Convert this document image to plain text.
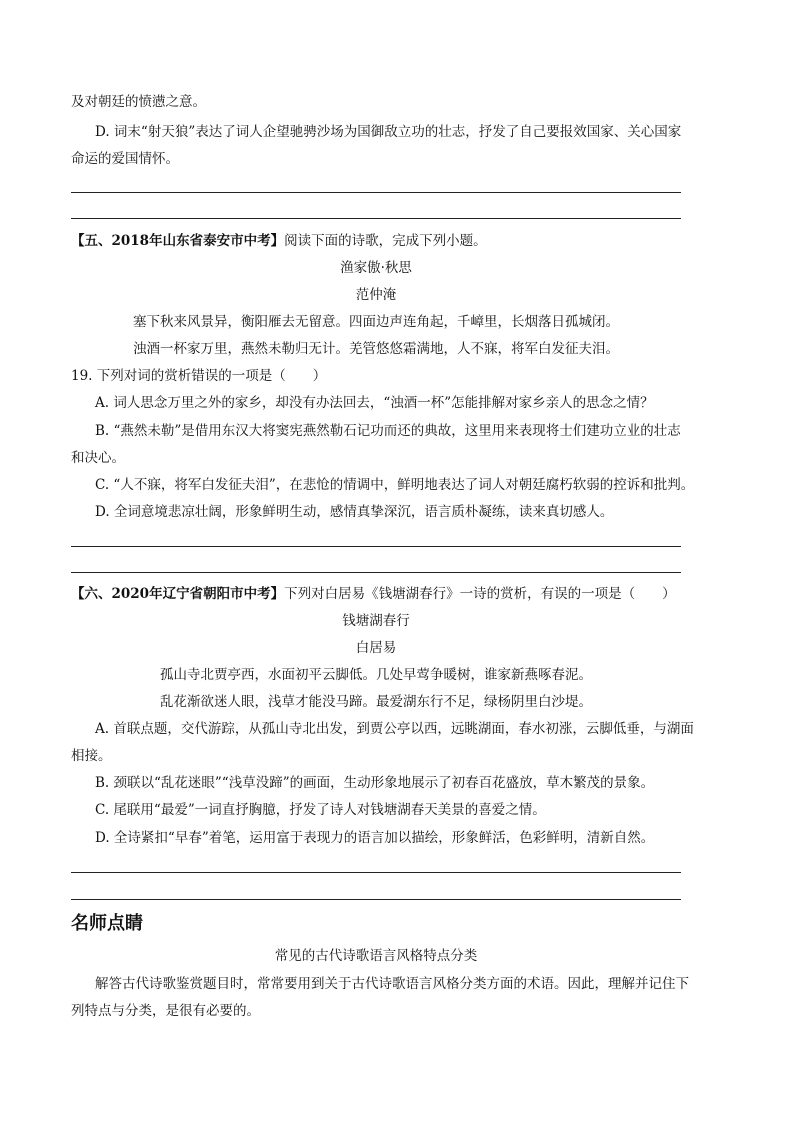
及对朝廷的愤懑之意。
D. 词末“射天狼”表达了词人企望驰骋沙场为国御敌立功的壮志，抒发了自己要报效国家、关心国家
命运的爱国情怀。
【五、2018年山东省泰安市中考】阅读下面的诗歌，完成下列小题。
渔家傲·秋思
范仲淹
塞下秋来风景异，衡阳雁去无留意。四面边声连角起，千嶂里，长烟落日孤城闭。
浊酒一杯家万里，燕然未勒归无计。羌管悠悠霜满地，人不寐，将军白发征夫泪。
19. 下列对词的赏析错误的一项是（　　）
A. 词人思念万里之外的家乡，却没有办法回去，“浊酒一杯”怎能排解对家乡亲人的思念之情？
B. “燕然未勒”是借用东汉大将窦宪燕然勒石记功而还的典故，这里用来表现将士们建功立业的壮志
和决心。
C. “人不寐，将军白发征夫泪”，在悲怆的情调中，鲜明地表达了词人对朝廷腐朽软弱的控诉和批判。
D. 全词意境悲凉壮阔，形象鲜明生动，感情真挚深沉，语言质朴凝练，读来真切感人。
【六、2020年辽宁省朝阳市中考】下列对白居易《钱塘湖春行》一诗的赏析，有误的一项是（　　）
钱塘湖春行
白居易
孤山寺北贾亭西，水面初平云脚低。几处早莺争暖树，谁家新燕啄春泥。
乱花渐欲迷人眼，浅草才能没马蹄。最爱湖东行不足，绿杨阴里白沙堤。
A. 首联点题，交代游踪，从孤山寺北出发，到贾公亭以西，远眺湖面，春水初涨，云脚低垂，与湖面
相接。
B. 颈联以“乱花迷眼”“浅草没蹄”的画面，生动形象地展示了初春百花盛放，草木繁茂的景象。
C. 尾联用“最爱”一词直抒胸臆，抒发了诗人对钱塘湖春天美景的喜爱之情。
D. 全诗紧扣“早春”着笔，运用富于表现力的语言加以描绘，形象鲜活，色彩鲜明，清新自然。
名师点睛
常见的古代诗歌语言风格特点分类
解答古代诗歌鉴赏题目时，常常要用到关于古代诗歌语言风格分类方面的术语。因此，理解并记住下
列特点与分类，是很有必要的。
